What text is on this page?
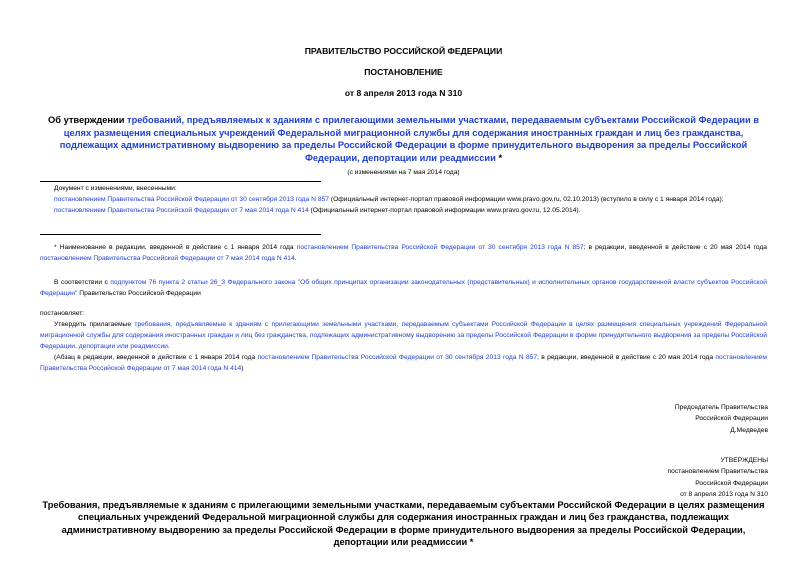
ПРАВИТЕЛЬСТВО РОССИЙСКОЙ ФЕДЕРАЦИИ
ПОСТАНОВЛЕНИЕ
от 8 апреля 2013 года N 310
Об утверждении требований, предъявляемых к зданиям с прилегающими земельными участками, передаваемым субъектами Российской Федерации в целях размещения специальных учреждений Федеральной миграционной службы для содержания иностранных граждан и лиц без гражданства, подлежащих административному выдворению за пределы Российской Федерации в форме принудительного выдворения за пределы Российской Федерации, депортации или реадмиссии *
(с изменениями на 7 мая 2014 года)
Документ с изменениями, внесенными:
постановлением Правительства Российской Федерации от 30 сентября 2013 года N 857 (Официальный интернет-портал правовой информации www.pravo.gov.ru, 02.10.2013) (вступило в силу с 1 января 2014 года);
постановлением Правительства Российской Федерации от 7 мая 2014 года N 414 (Официальный интернет-портал правовой информации www.pravo.gov.ru, 12.05.2014).
* Наименование в редакции, введенной в действие с 1 января 2014 года постановлением Правительства Российской Федерации от 30 сентября 2013 года N 857; в редакции, введенной в действие с 20 мая 2014 года постановлением Правительства Российской Федерации от 7 мая 2014 года N 414.
В соответствии с подпунктом 76 пункта 2 статьи 26_3 Федерального закона "Об общих принципах организации законодательных (представительных) и исполнительных органов государственной власти субъектов Российской Федерации" Правительство Российской Федерации
постановляет:
Утвердить прилагаемые требования, предъявляемые к зданиям с прилегающими земельными участками, передаваемым субъектами Российской Федерации в целях размещения специальных учреждений Федеральной миграционной службы для содержания иностранных граждан и лиц без гражданства, подлежащих административному выдворению за пределы Российской Федерации в форме принудительного выдворения за пределы Российской Федерации, депортации или реадмиссии.
(Абзац в редакции, введенной в действие с 1 января 2014 года постановлением Правительства Российской Федерации от 30 сентября 2013 года N 857; в редакции, введенной в действие с 20 мая 2014 года постановлением Правительства Российской Федерации от 7 мая 2014 года N 414)
Председатель Правительства
Российской Федерации
Д.Медведев
УТВЕРЖДЕНЫ
постановлением Правительства
Российской Федерации
от 8 апреля 2013 года N 310
Требования, предъявляемые к зданиям с прилегающими земельными участками, передаваемым субъектами Российской Федерации в целях размещения специальных учреждений Федеральной миграционной службы для содержания иностранных граждан и лиц без гражданства, подлежащих административному выдворению за пределы Российской Федерации в форме принудительного выдворения за пределы Российской Федерации, депортации или реадмиссии *
